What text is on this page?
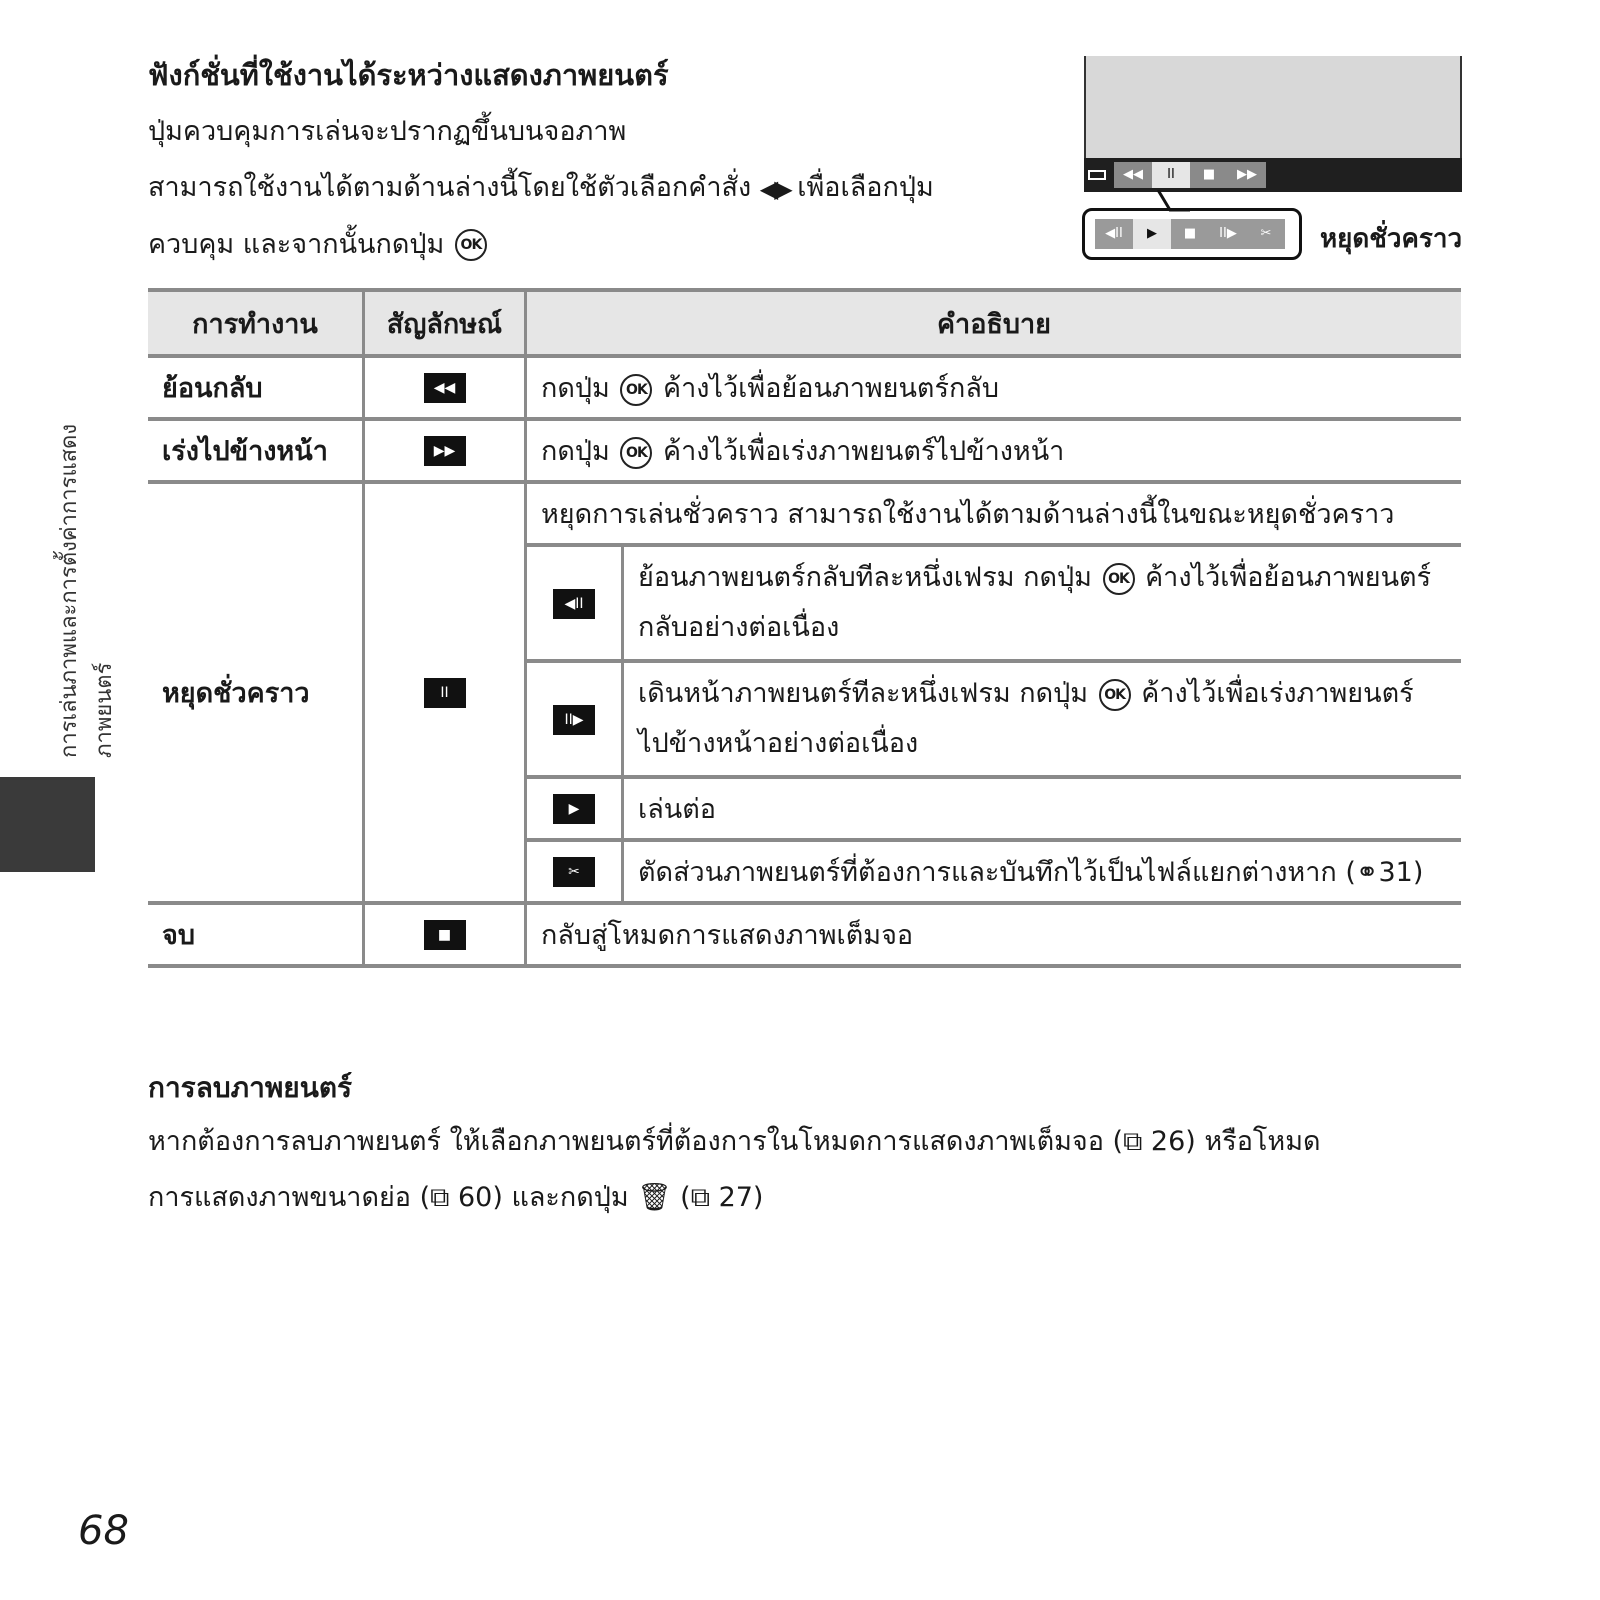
ฟังก์ชั่นที่ใช้งานได้ระหว่างแสดงภาพยนตร์

ปุ่มควบคุมการเล่นจะปรากฏขึ้นบนจอภาพ

สามารถใช้งานได้ตามด้านล่างนี้โดยใช้ตัวเลือกคำสั่ง ◀▶ เพื่อเลือกปุ่ม

ควบคุม และจากนั้นกดปุ่ม OK

◀◀	II	■	▶▶
◀II	▶	■	II▶	✂	หยุดชั่วคราว
การเล่นภาพและการตั้งค่าการแสดงภาพยนตร์
การทำงาน	สัญลักษณ์	คำอธิบาย	
ย้อนกลับ	◀◀	กดปุ่ม OK ค้างไว้เพื่อย้อนภาพยนตร์กลับ	
เร่งไปข้างหน้า	▶▶	กดปุ่ม OK ค้างไว้เพื่อเร่งภาพยนตร์ไปข้างหน้า	
หยุดชั่วคราว	II	หยุดการเล่นชั่วคราว สามารถใช้งานได้ตามด้านล่างนี้ในขณะหยุดชั่วคราว	
		◀II	ย้อนภาพยนตร์กลับทีละหนึ่งเฟรม กดปุ่ม OK ค้างไว้เพื่อย้อนภาพยนตร์
กลับอย่างต่อเนื่อง
		II▶	เดินหน้าภาพยนตร์ทีละหนึ่งเฟรม กดปุ่ม OK ค้างไว้เพื่อเร่งภาพยนตร์
ไปข้างหน้าอย่างต่อเนื่อง
		▶	เล่นต่อ
		✂	ตัดส่วนภาพยนตร์ที่ต้องการและบันทึกไว้เป็นไฟล์แยกต่างหาก (⚭31)
จบ	■	กลับสู่โหมดการแสดงภาพเต็มจอ	
การลบภาพยนตร์

หากต้องการลบภาพยนตร์ ให้เลือกภาพยนตร์ที่ต้องการในโหมดการแสดงภาพเต็มจอ (⧉ 26) หรือโหมด

การแสดงภาพขนาดย่อ (⧉ 60) และกดปุ่ม 🗑 (⧉ 27)

68
